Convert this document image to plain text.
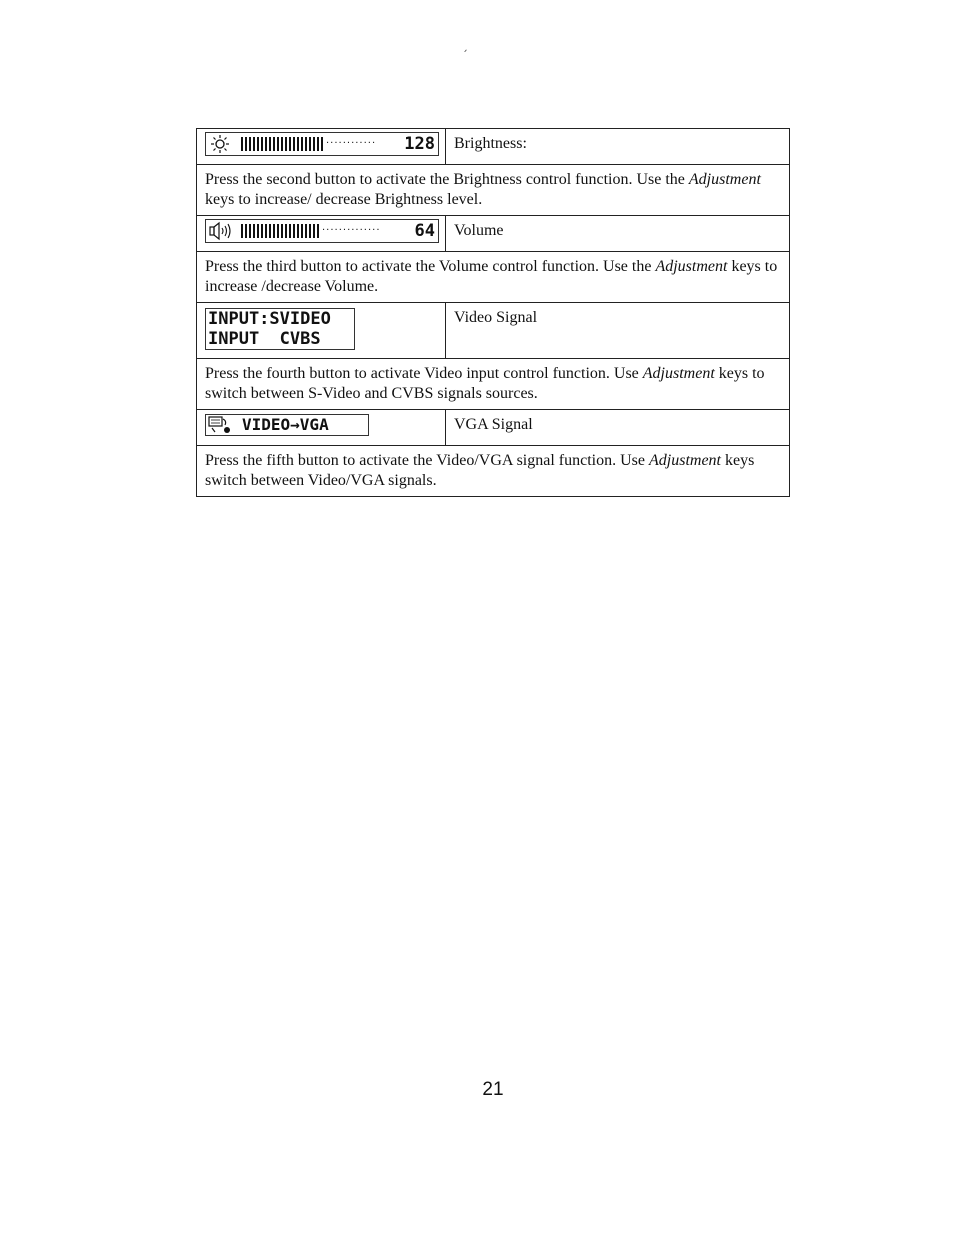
ˏ
············ 128	Brightness:
Press the second button to activate the Brightness control function. Use the Adjustment keys to increase/ decrease Brightness level.	

·············· 64	Volume
Press the third button to activate the Volume control function. Use the Adjustment keys to increase /decrease Volume.	

INPUT:SVIDEO
INPUT  CVBS	Video Signal
Press the fourth button to activate Video input control function. Use Adjustment keys to switch between S-Video and CVBS signals sources.	

VIDEO→VGA	VGA Signal
Press the fifth button to activate the Video/VGA signal function. Use Adjustment keys switch between Video/VGA signals.	
21
